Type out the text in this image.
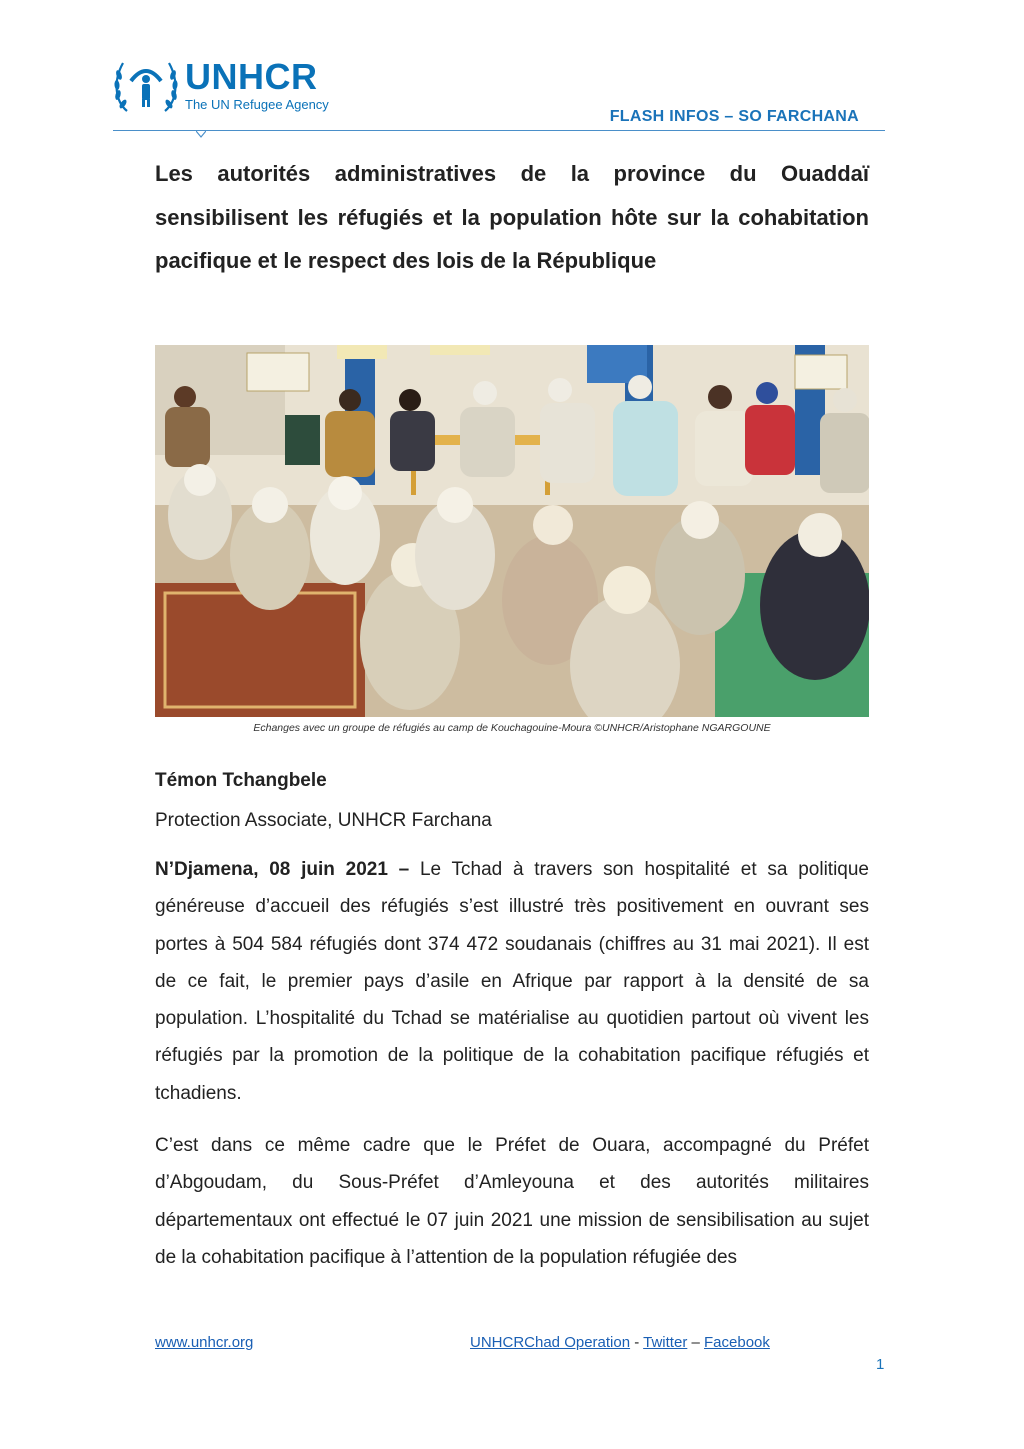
UNHCR
The UN Refugee Agency
FLASH INFOS – SO FARCHANA
Les autorités administratives de la province du Ouaddaï sensibilisent les réfugiés et la population hôte sur la cohabitation pacifique et le respect des lois de la République
Echanges avec un groupe de réfugiés au camp de Kouchagouine-Moura ©UNHCR/Aristophane NGARGOUNE
Témon Tchangbele
Protection Associate, UNHCR Farchana

N’Djamena, 08 juin 2021 – Le Tchad à travers son hospitalité et sa politique généreuse d’accueil des réfugiés s’est illustré très positivement en ouvrant ses portes à 504 584 réfugiés dont 374 472 soudanais (chiffres au 31 mai 2021). Il est de ce fait, le premier pays d’asile en Afrique par rapport à la densité de sa population. L’hospitalité du Tchad se matérialise au quotidien partout où vivent les réfugiés par la promotion de la politique de la cohabitation pacifique réfugiés et tchadiens.

C’est dans ce même cadre que le Préfet de Ouara, accompagné du Préfet d’Abgoudam, du Sous-Préfet d’Amleyouna et des autorités militaires départementaux ont effectué le 07 juin 2021 une mission de sensibilisation au sujet de la cohabitation pacifique à l’attention de la population réfugiée des

www.unhcr.org	UNHCRChad Operation - Twitter – Facebook
1
